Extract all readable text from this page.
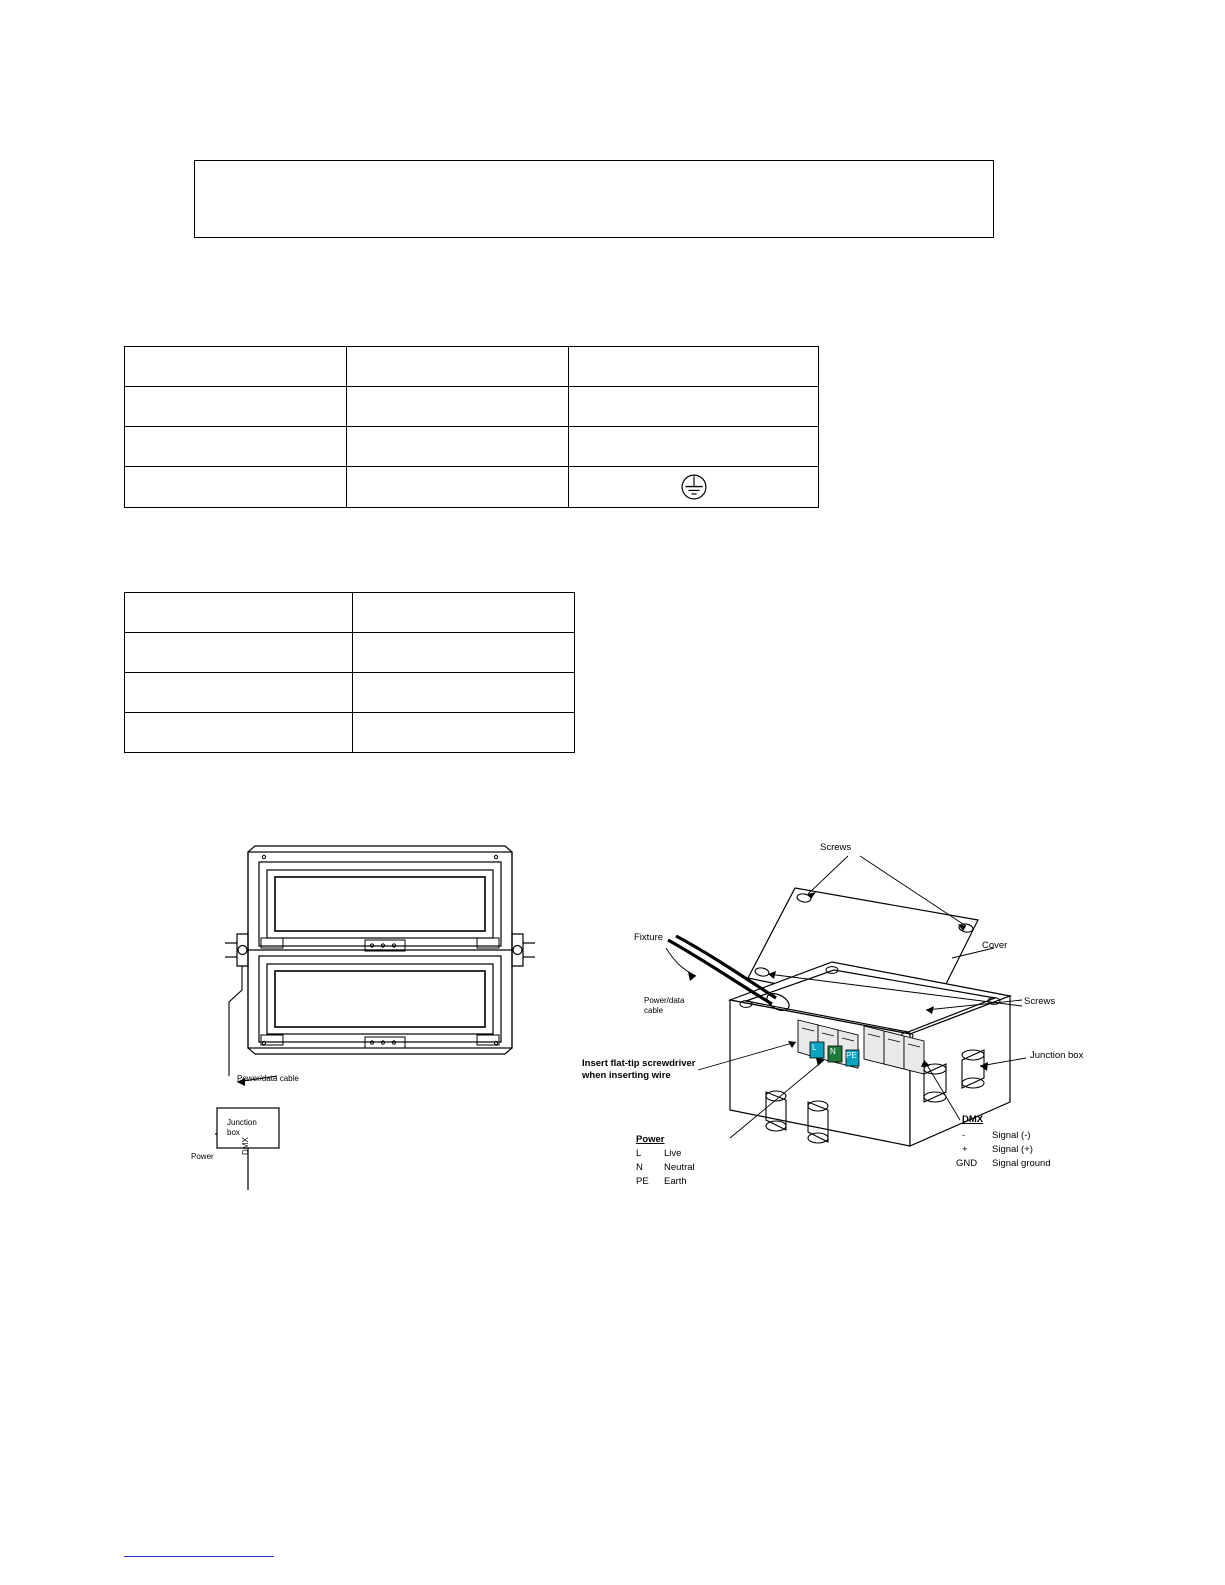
Power/data cable
Junction
box
Power
DMX
Screws
Cover
Screws
Junction box
Fixture
Power/data
cable
Insert flat-tip screwdriver
when inserting wire
Power
L Live
N Neutral
PE Earth
DMX
-	Signal (-)
+	Signal (+)
GND Signal ground
L N PE
